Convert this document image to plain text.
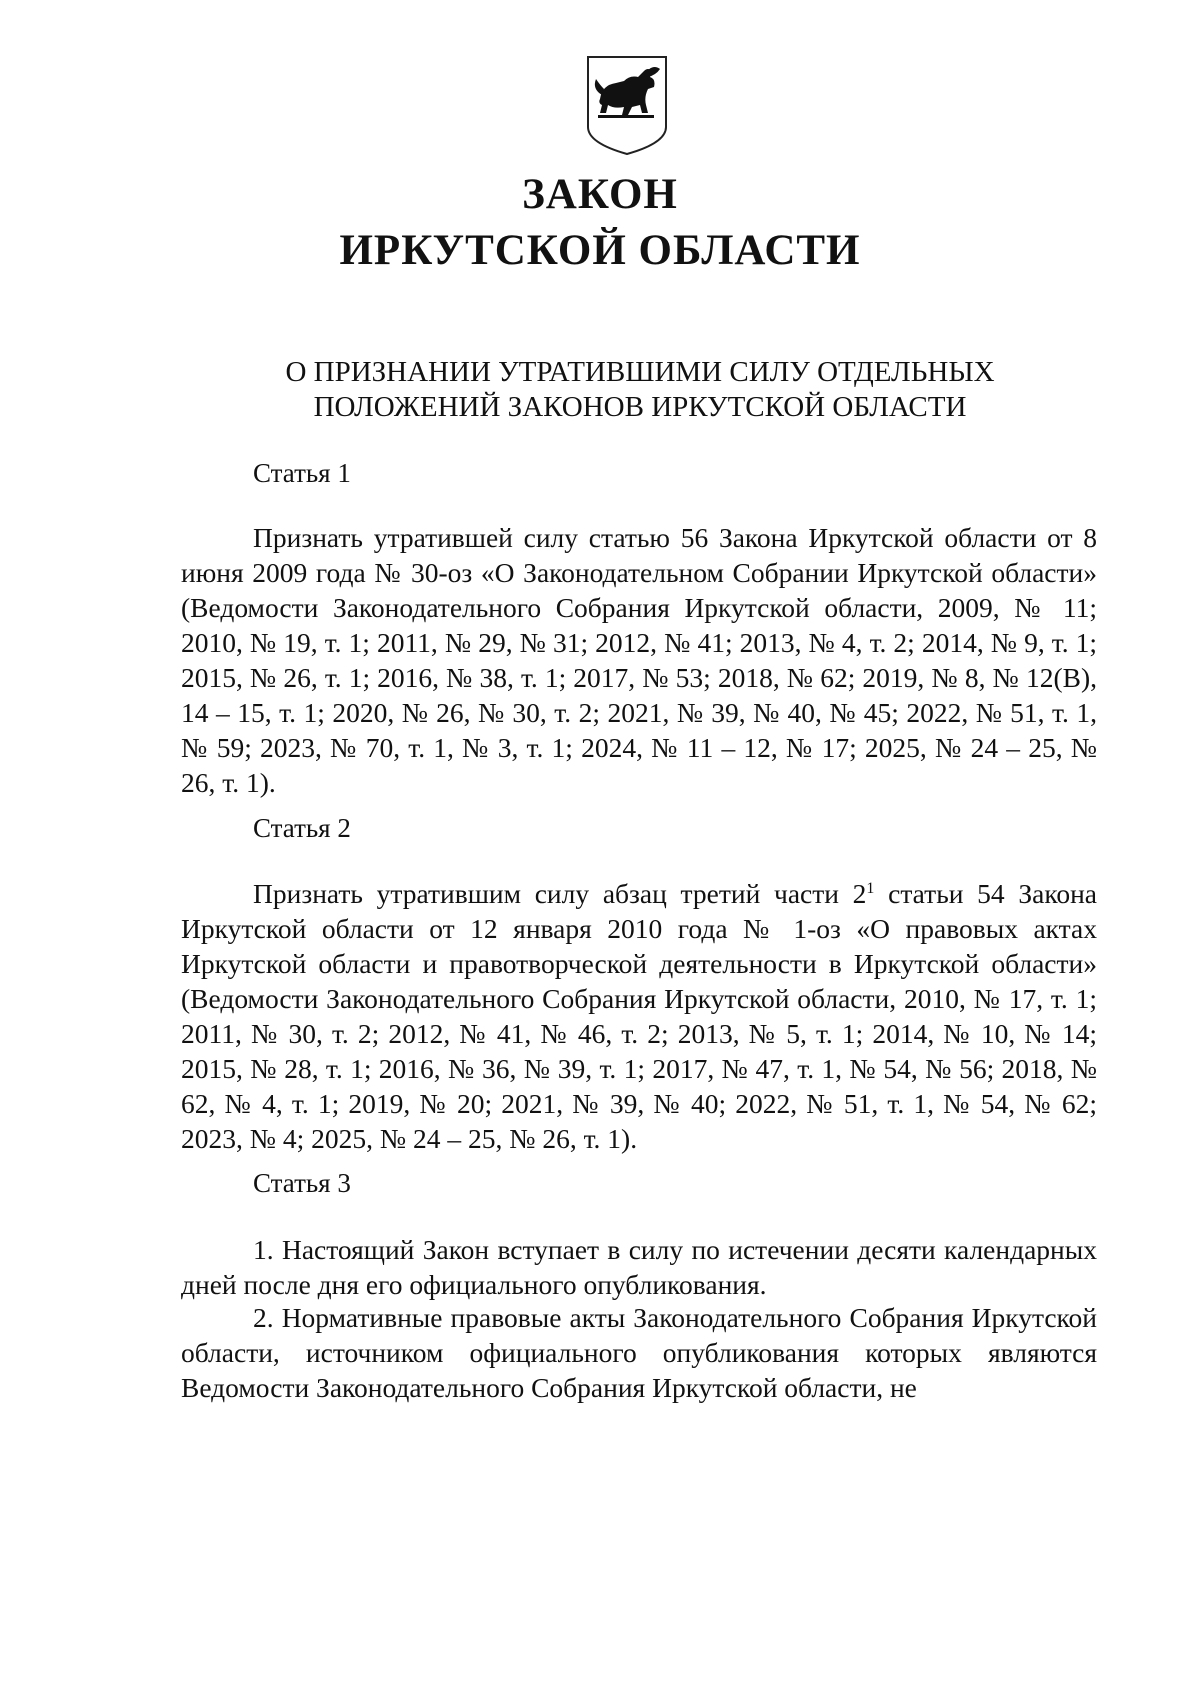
ЗАКОН
ИРКУТСКОЙ ОБЛАСТИ
О ПРИЗНАНИИ УТРАТИВШИМИ СИЛУ ОТДЕЛЬНЫХ
ПОЛОЖЕНИЙ ЗАКОНОВ ИРКУТСКОЙ ОБЛАСТИ
Статья 1

Признать утратившей силу статью 56 Закона Иркутской области от 8 июня 2009 года № 30-оз «О Законодательном Собрании Иркутской области» (Ведомости Законодательного Собрания Иркутской области, 2009, № 11; 2010, № 19, т. 1; 2011, № 29, № 31; 2012, № 41; 2013, № 4, т. 2; 2014, № 9, т. 1; 2015, № 26, т. 1; 2016, № 38, т. 1; 2017, № 53; 2018, № 62; 2019, № 8, № 12(В), 14 – 15, т. 1; 2020, № 26, № 30, т. 2; 2021, № 39, № 40, № 45; 2022, № 51, т. 1, № 59; 2023, № 70, т. 1, № 3, т. 1; 2024, № 11 – 12, № 17; 2025, № 24 – 25, № 26, т. 1).

Статья 2

Признать утратившим силу абзац третий части $2^1$ статьи 54 Закона Иркутской области от 12 января 2010 года № 1-оз «О правовых актах Иркутской области и правотворческой деятельности в Иркутской области» (Ведомости Законодательного Собрания Иркутской области, 2010, № 17, т. 1; 2011, № 30, т. 2; 2012, № 41, № 46, т. 2; 2013, № 5, т. 1; 2014, № 10, № 14; 2015, № 28, т. 1; 2016, № 36, № 39, т. 1; 2017, № 47, т. 1, № 54, № 56; 2018, № 62, № 4, т. 1; 2019, № 20; 2021, № 39, № 40; 2022, № 51, т. 1, № 54, № 62; 2023, № 4; 2025, № 24 – 25, № 26, т. 1).

Статья 3

1. Настоящий Закон вступает в силу по истечении десяти календарных дней после дня его официального опубликования.

2. Нормативные правовые акты Законодательного Собрания Иркутской области, источником официального опубликования которых являются Ведомости Законодательного Собрания Иркутской области, не
